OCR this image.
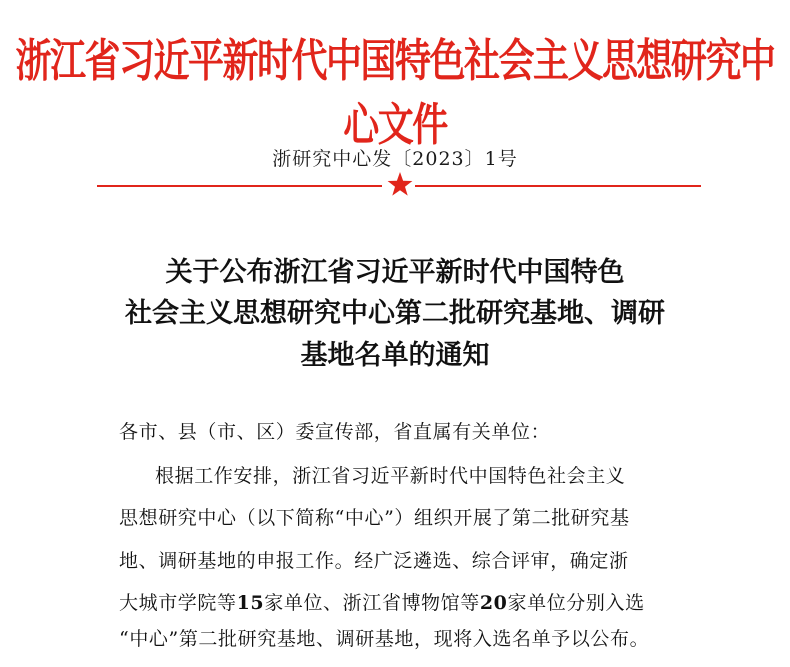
浙江省习近平新时代中国特色社会主义思想研究中心文件
浙研究中心发〔2023〕1号
关于公布浙江省习近平新时代中国特色
社会主义思想研究中心第二批研究基地、调研
基地名单的通知
各市、县（市、区）委宣传部，省直属有关单位：
根据工作安排，浙江省习近平新时代中国特色社会主义
思想研究中心（以下简称“中心”）组织开展了第二批研究基
地、调研基地的申报工作。经广泛遴选、综合评审，确定浙
大城市学院等15家单位、浙江省博物馆等20家单位分别入选
“中心”第二批研究基地、调研基地，现将入选名单予以公布。
